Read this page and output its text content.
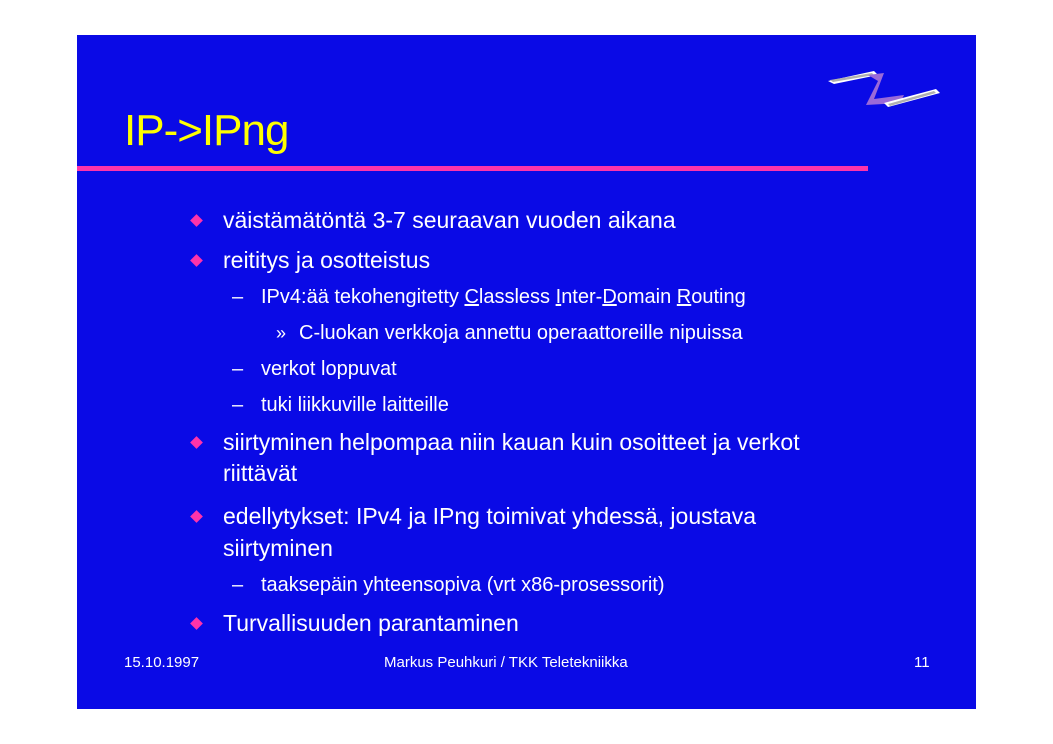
IP->IPng
väistämätöntä 3-7 seuraavan vuoden aikana
reititys ja osotteistus
– IPv4:ää tekohengitetty Classless Inter-Domain Routing
» C-luokan verkkoja annettu operaattoreille nipuissa
– verkot loppuvat
– tuki liikkuville laitteille
siirtyminen helpompaa niin kauan kuin osoitteet ja verkot
riittävät
edellytykset: IPv4 ja IPng toimivat yhdessä, joustava
siirtyminen
– taaksepäin yhteensopiva (vrt x86-prosessorit)
Turvallisuuden parantaminen
15.10.1997	Markus Peuhkuri / TKK Teletekniikka	11
